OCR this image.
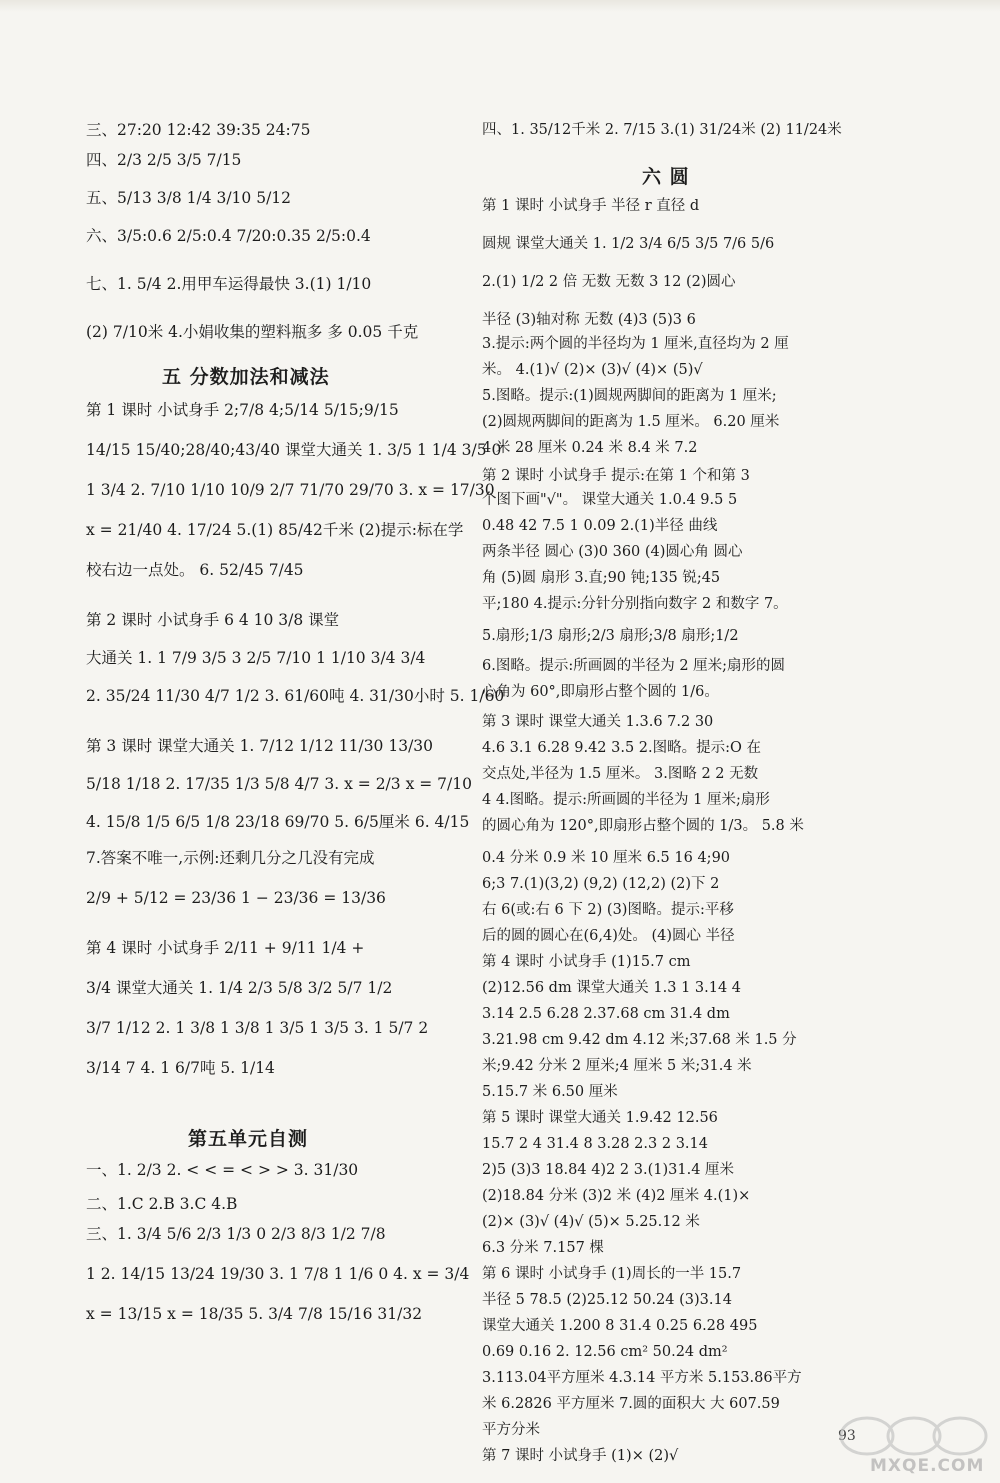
五 分数加法和减法
第五单元自测
三、27:20 12:42 39:35 24:75
四、2/3 2/5 3/5 7/15
五、5/13 3/8 1/4 3/10 5/12
六、3/5:0.6 2/5:0.4 7/20:0.35 2/5:0.4
七、1. 5/4 2.用甲车运得最快 3.(1) 1/10
(2) 7/10米 4.小娟收集的塑料瓶多 多 0.05 千克
第 1 课时 小试身手 2;7/8 4;5/14 5/15;9/15
14/15 15/40;28/40;43/40 课堂大通关 1. 3/5 1 1/4 3/5 0
1 3/4 2. 7/10 1/10 10/9 2/7 71/70 29/70 3. x = 17/30
x = 21/40 4. 17/24 5.(1) 85/42千米 (2)提示:标在学
校右边一点处。 6. 52/45 7/45
第 2 课时 小试身手 6 4 10 3/8 课堂
大通关 1. 1 7/9 3/5 3 2/5 7/10 1 1/10 3/4 3/4
2. 35/24 11/30 4/7 1/2 3. 61/60吨 4. 31/30小时 5. 1/60
第 3 课时 课堂大通关 1. 7/12 1/12 11/30 13/30
5/18 1/18 2. 17/35 1/3 5/8 4/7 3. x = 2/3 x = 7/10
4. 15/8 1/5 6/5 1/8 23/18 69/70 5. 6/5厘米 6. 4/15
7.答案不唯一,示例:还剩几分之几没有完成
2/9 + 5/12 = 23/36 1 − 23/36 = 13/36
第 4 课时 小试身手 2/11 + 9/11 1/4 +
3/4 课堂大通关 1. 1/4 2/3 5/8 3/2 5/7 1/2
3/7 1/12 2. 1 3/8 1 3/8 1 3/5 1 3/5 3. 1 5/7 2
3/14 7 4. 1 6/7吨 5. 1/14
一、1. 2/3 2. < < = < > > 3. 31/30
二、1.C 2.B 3.C 4.B
三、1. 3/4 5/6 2/3 1/3 0 2/3 8/3 1/2 7/8
1 2. 14/15 13/24 19/30 3. 1 7/8 1 1/6 0 4. x = 3/4
x = 13/15 x = 18/35 5. 3/4 7/8 15/16 31/32
六 圆
四、1. 35/12千米 2. 7/15 3.(1) 31/24米 (2) 11/24米
第 1 课时 小试身手 半径 r 直径 d
圆规 课堂大通关 1. 1/2 3/4 6/5 3/5 7/6 5/6
2.(1) 1/2 2 倍 无数 无数 3 12 (2)圆心
半径 (3)轴对称 无数 (4)3 (5)3 6
3.提示:两个圆的半径均为 1 厘米,直径均为 2 厘
米。 4.(1)√ (2)× (3)√ (4)× (5)√
5.图略。提示:(1)圆规两脚间的距离为 1 厘米;
(2)圆规两脚间的距离为 1.5 厘米。 6.20 厘米
4 米 28 厘米 0.24 米 8.4 米 7.2
第 2 课时 小试身手 提示:在第 1 个和第 3
个图下画"√"。 课堂大通关 1.0.4 9.5 5
0.48 42 7.5 1 0.09 2.(1)半径 曲线
两条半径 圆心 (3)0 360 (4)圆心角 圆心
角 (5)圆 扇形 3.直;90 钝;135 锐;45
平;180 4.提示:分针分别指向数字 2 和数字 7。
5.扇形;1/3 扇形;2/3 扇形;3/8 扇形;1/2
6.图略。提示:所画圆的半径为 2 厘米;扇形的圆
心角为 60°,即扇形占整个圆的 1/6。
第 3 课时 课堂大通关 1.3.6 7.2 30
4.6 3.1 6.28 9.42 3.5 2.图略。提示:O 在
交点处,半径为 1.5 厘米。 3.图略 2 2 无数
4 4.图略。提示:所画圆的半径为 1 厘米;扇形
的圆心角为 120°,即扇形占整个圆的 1/3。 5.8 米
0.4 分米 0.9 米 10 厘米 6.5 16 4;90
6;3 7.(1)(3,2) (9,2) (12,2) (2)下 2
右 6(或:右 6 下 2) (3)图略。提示:平移
后的圆的圆心在(6,4)处。 (4)圆心 半径
第 4 课时 小试身手 (1)15.7 cm
(2)12.56 dm 课堂大通关 1.3 1 3.14 4
3.14 2.5 6.28 2.37.68 cm 31.4 dm
3.21.98 cm 9.42 dm 4.12 米;37.68 米 1.5 分
米;9.42 分米 2 厘米;4 厘米 5 米;31.4 米
5.15.7 米 6.50 厘米
第 5 课时 课堂大通关 1.9.42 12.56
15.7 2 4 31.4 8 3.28 2.3 2 3.14
2)5 (3)3 18.84 4)2 2 3.(1)31.4 厘米
(2)18.84 分米 (3)2 米 (4)2 厘米 4.(1)×
(2)× (3)√ (4)√ (5)× 5.25.12 米
6.3 分米 7.157 棵
第 6 课时 小试身手 (1)周长的一半 15.7
半径 5 78.5 (2)25.12 50.24 (3)3.14
课堂大通关 1.200 8 31.4 0.25 6.28 495
0.69 0.16 2. 12.56 cm² 50.24 dm²
3.113.04平方厘米 4.3.14 平方米 5.153.86平方
米 6.2826 平方厘米 7.圆的面积大 大 607.59
平方分米
第 7 课时 小试身手 (1)× (2)√
93
MXQE.COM
